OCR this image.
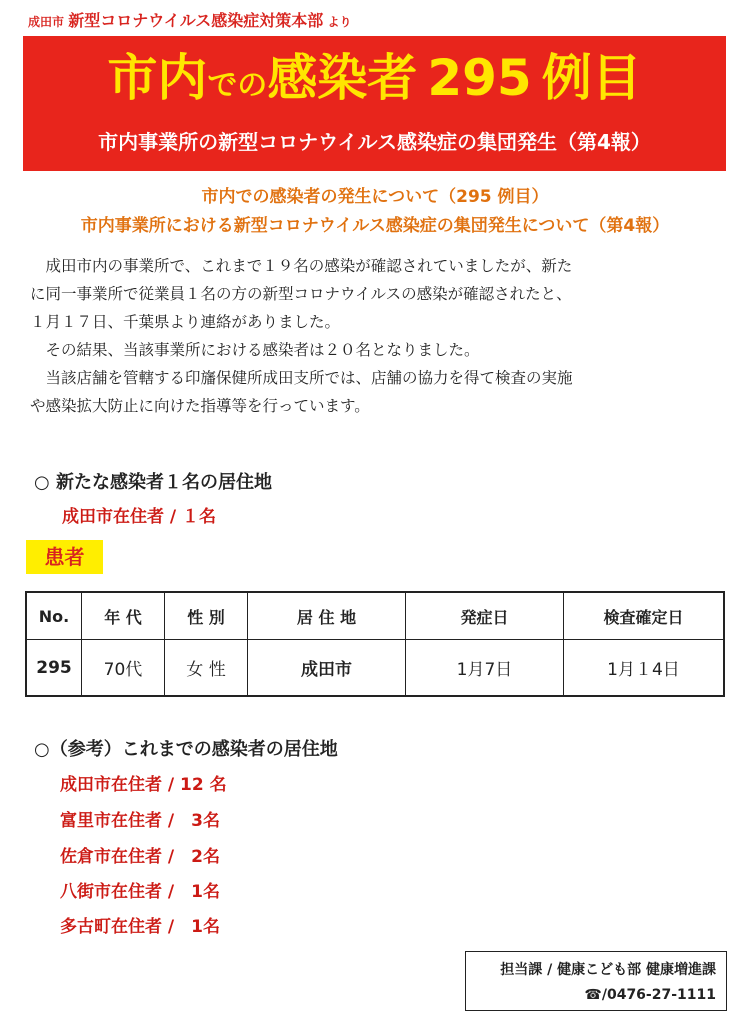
成田市 新型コロナウイルス感染症対策本部 より
市内での感染者 295 例目
市内事業所の新型コロナウイルス感染症の集団発生（第4報）
市内での感染者の発生について（295 例目）
市内事業所における新型コロナウイルス感染症の集団発生について（第4報）

　成田市内の事業所で、これまで１９名の感染が確認されていましたが、新た

に同一事業所で従業員１名の方の新型コロナウイルスの感染が確認されたと、

１月１７日、千葉県より連絡がありました。

　その結果、当該事業所における感染者は２０名となりました。

　当該店舗を管轄する印旛保健所成田支所では、店舗の協力を得て検査の実施

や感染拡大防止に向けた指導等を行っています。

○ 新たな感染者１名の居住地
成田市在住者 / １名
患者
No.	年 代	性 別	居 住 地	発症日	検査確定日
295	70代	女 性	成田市	1月7日	1月１4日
○（参考）これまでの感染者の居住地
成田市在住者 / 12 名
富里市在住者 /　3名
佐倉市在住者 /　2名
八街市在住者 /　1名
多古町在住者 /　1名
担当課 / 健康こども部 健康増進課
☎/0476-27-1111
